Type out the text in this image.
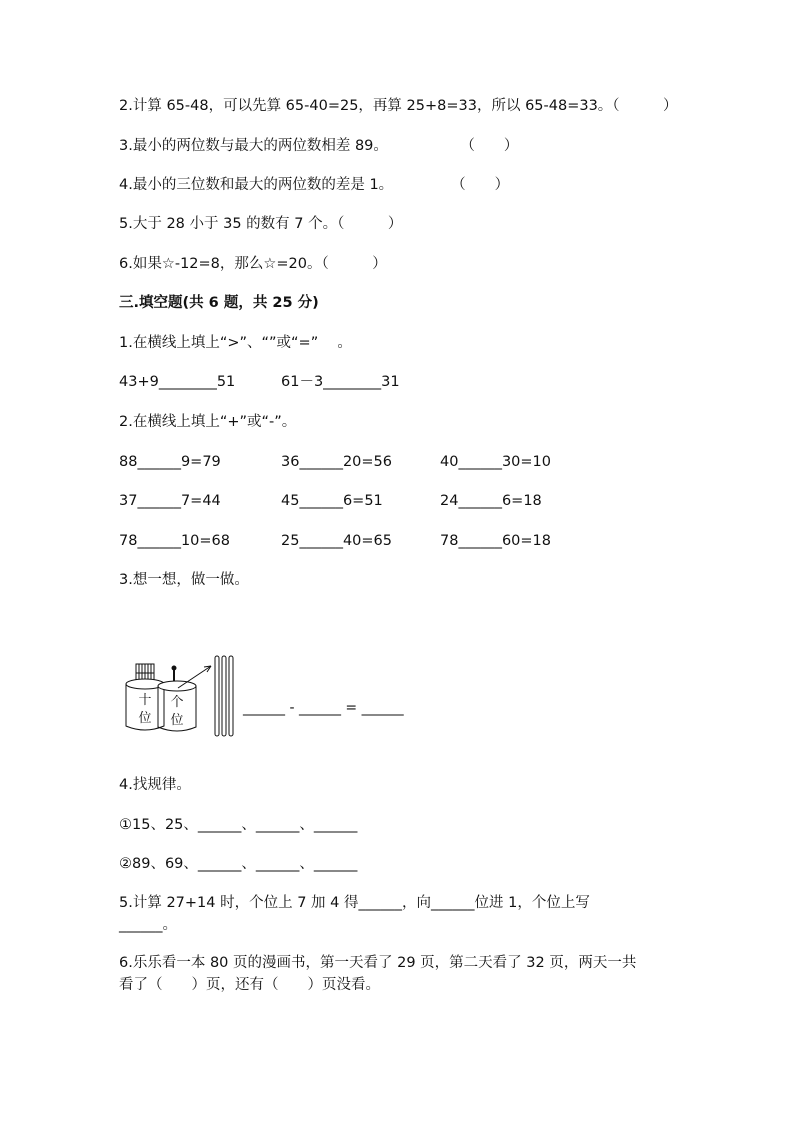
2.计算 65-48，可以先算 65-40=25，再算 25+8=33，所以 65-48=33。（　　　）
3.最小的两位数与最大的两位数相差 89。　　　　　　（　　）
4.最小的三位数和最大的两位数的差是 1。　　　　　（　　）
5.大于 28 小于 35 的数有 7 个。（　　　）
6.如果☆-12=8，那么☆=20。（　　　）
三.填空题(共 6 题，共 25 分)
1.在横线上填上“>”、“”或“=” 　。
43+9________51	61－3________31
2.在横线上填上“+”或“-”。
88______9=79	36______20=56	40______30=10
37______7=44	45______6=51	24______6=18
78______10=68	25______40=65	78______60=18
3.想一想，做一做。
十位
个位
______ - ______ = ______
4.找规律。
①15、25、______、______、______
②89、69、______、______、______
5.计算 27+14 时，个位上 7 加 4 得______，向______位进 1，个位上写
______。
6.乐乐看一本 80 页的漫画书，第一天看了 29 页，第二天看了 32 页，两天一共
看了（　　）页，还有（　　）页没看。
